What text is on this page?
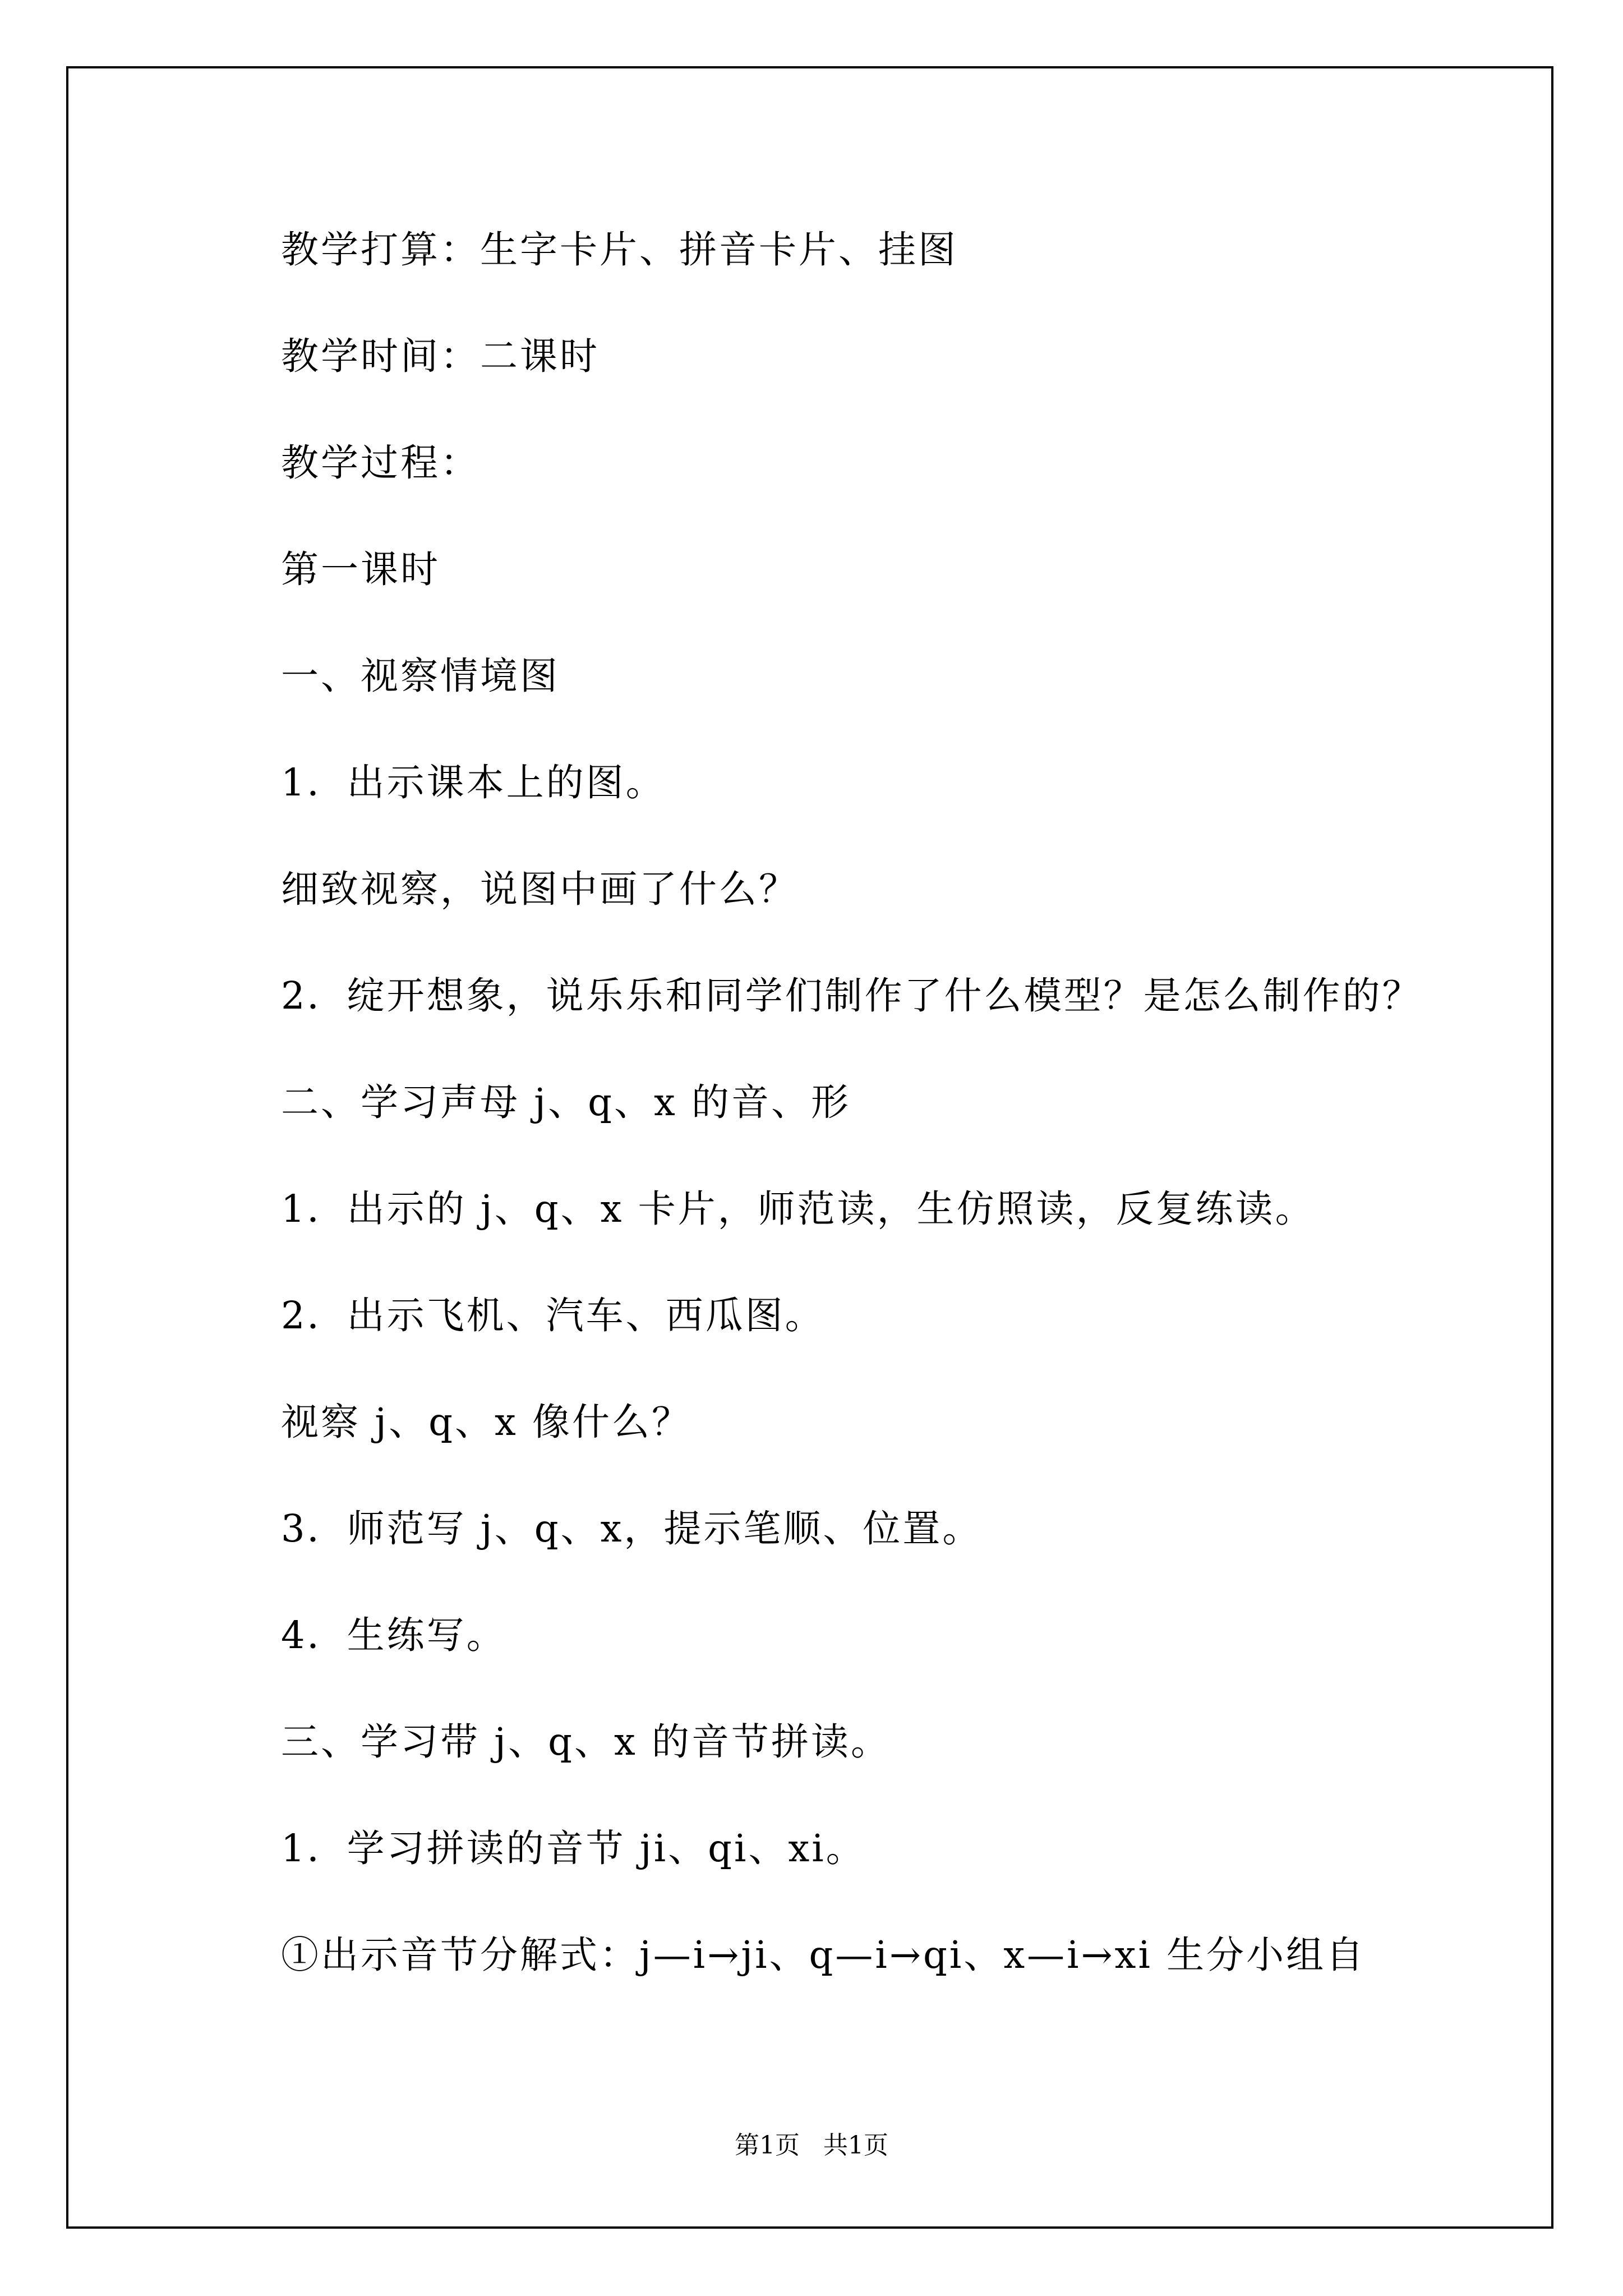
教学打算：生字卡片、拼音卡片、挂图
教学时间：二课时
教学过程：
第一课时
一、视察情境图
1．出示课本上的图。
细致视察，说图中画了什么？
2．绽开想象，说乐乐和同学们制作了什么模型？是怎么制作的？
二、学习声母 j、q、x 的音、形
1．出示的 j、q、x 卡片，师范读，生仿照读，反复练读。
2．出示飞机、汽车、西瓜图。
视察 j、q、x 像什么？
3．师范写 j、q、x，提示笔顺、位置。
4．生练写。
三、学习带 j、q、x 的音节拼读。
1．学习拼读的音节 ji、qi、xi。
①出示音节分解式：j—i→ji、q—i→qi、x—i→xi 生分小组自
第1页   共1页
